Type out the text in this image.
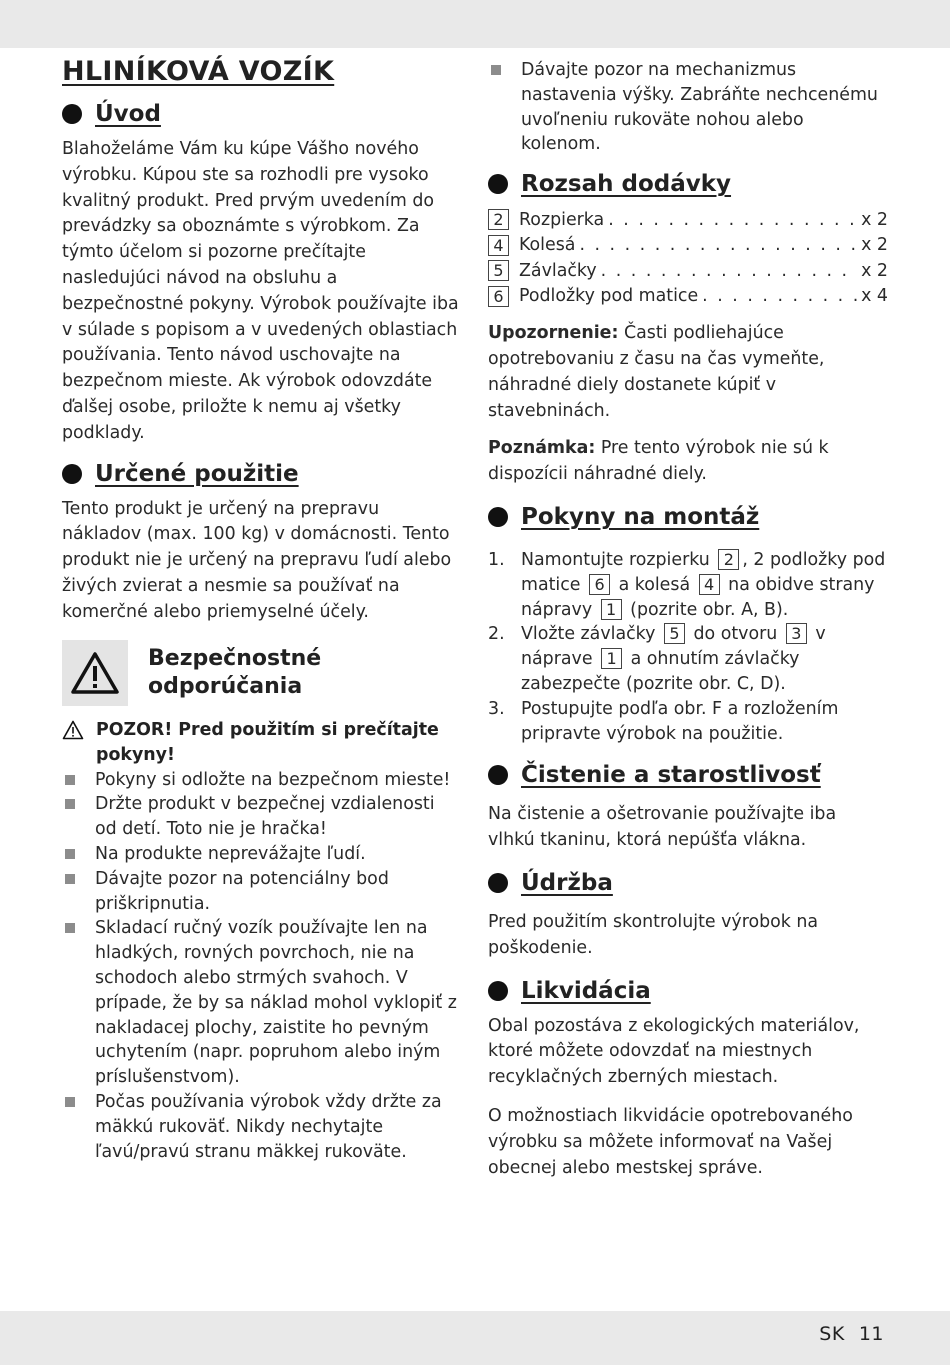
HLINÍKOVÁ VOZÍK
Úvod

Blahoželáme Vám ku kúpe Vášho nového výrobku. Kúpou ste sa rozhodli pre vysoko kvalitný produkt. Pred prvým uvedením do prevádzky sa oboznámte s výrobkom. Za týmto účelom si pozorne prečítajte nasledujúci návod na obsluhu a bezpečnostné pokyny. Výrobok používajte iba v súlade s popisom a v uvedených oblastiach používania. Tento návod uschovajte na bezpečnom mieste. Ak výrobok odovzdáte ďalšej osobe, priložte k nemu aj všetky podklady.

Určené použitie

Tento produkt je určený na prepravu nákladov (max. 100 kg) v domácnosti. Tento produkt nie je určený na prepravu ľudí alebo živých zvierat a nesmie sa používať na komerčné alebo priemyselné účely.

Bezpečnostné
odporúčania
POZOR! Pred použitím si prečítajte pokyny!
Pokyny si odložte na bezpečnom mieste!
Držte produkt v bezpečnej vzdialenosti od detí. Toto nie je hračka!
Na produkte neprevážajte ľudí.
Dávajte pozor na potenciálny bod priškripnutia.
Skladací ručný vozík používajte len na hladkých, rovných povrchoch, nie na schodoch alebo strmých svahoch. V prípade, že by sa náklad mohol vyklopiť z nakladacej plochy, zaistite ho pevným uchytením (napr. popruhom alebo iným príslušenstvom).
Počas používania výrobok vždy držte za mäkkú rukoväť. Nikdy nechytajte ľavú/pravú stranu mäkkej rukoväte.
Dávajte pozor na mechanizmus nastavenia výšky. Zabráňte nechcenému uvoľneniu rukoväte nohou alebo kolenom.
Rozsah dodávky
2 Rozpierka . . .	x 2
4 Kolesá . . .	x 2
5 Závlačky . . .	x 2
6 Podložky pod matice . . .	x 4

Upozornenie: Časti podliehajúce opotrebovaniu z času na čas vymeňte, náhradné diely dostanete kúpiť v stavebninách.

Poznámka: Pre tento výrobok nie sú k dispozícii náhradné diely.

Pokyny na montáž
1. Namontujte rozpierku 2 , 2 podložky pod matice 6 a kolesá 4 na obidve strany nápravy 1 (pozrite obr. A, B).
2. Vložte závlačky 5 do otvoru 3 v náprave 1 a ohnutím závlačky zabezpečte (pozrite obr. C, D).
3. Postupujte podľa obr. F a rozložením pripravte výrobok na použitie.
Čistenie a starostlivosť

Na čistenie a ošetrovanie používajte iba vlhkú tkaninu, ktorá nepúšťa vlákna.

Údržba

Pred použitím skontrolujte výrobok na poškodenie.

Likvidácia

Obal pozostáva z ekologických materiálov, ktoré môžete odovzdať na miestnych recyklačných zberných miestach.

O možnostiach likvidácie opotrebovaného výrobku sa môžete informovať na Vašej obecnej alebo mestskej správe.

SK 11
